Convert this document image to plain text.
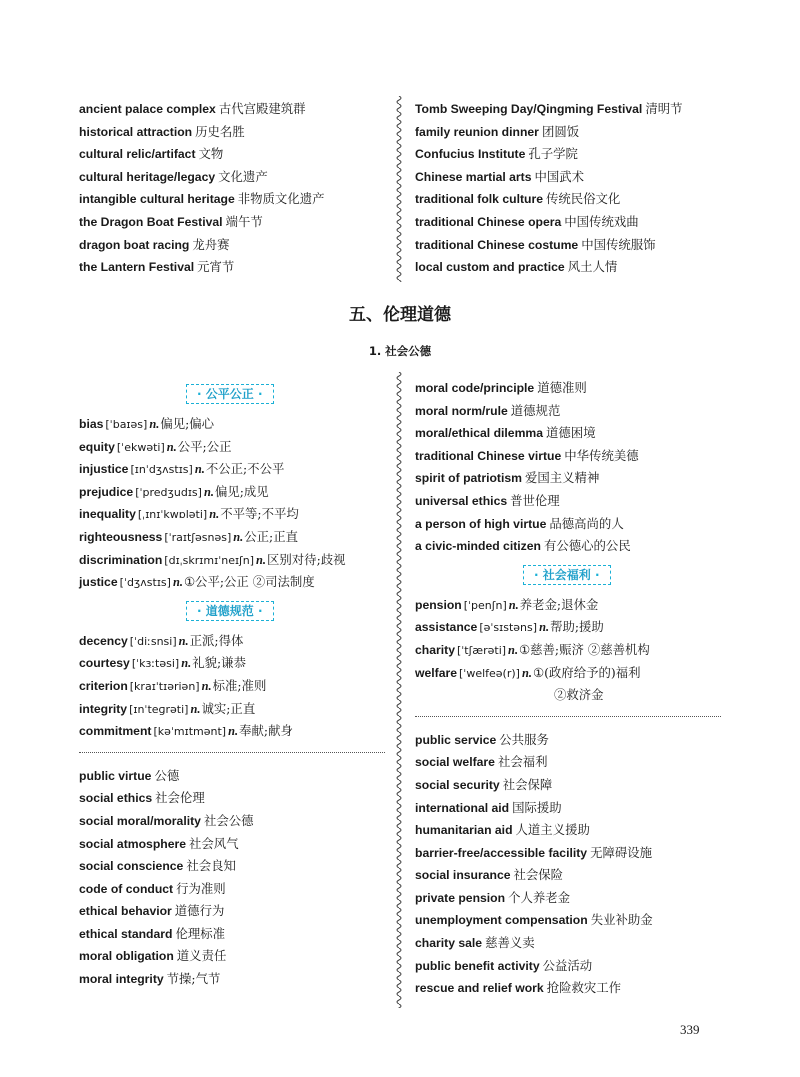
ancient palace complex 古代宫殿建筑群
historical attraction 历史名胜
cultural relic/artifact 文物
cultural heritage/legacy 文化遗产
intangible cultural heritage 非物质文化遗产
the Dragon Boat Festival 端午节
dragon boat racing 龙舟赛
the Lantern Festival 元宵节
Tomb Sweeping Day/Qingming Festival 清明节
family reunion dinner 团圆饭
Confucius Institute 孔子学院
Chinese martial arts 中国武术
traditional folk culture 传统民俗文化
traditional Chinese opera 中国传统戏曲
traditional Chinese costume 中国传统服饰
local custom and practice 风土人情
五、伦理道德
1. 社会公德
· 公平公正 ·
bias [ˈbaɪəs] n.偏见;偏心
equity [ˈekwəti] n.公平;公正
injustice [ɪnˈdʒʌstɪs] n.不公正;不公平
prejudice [ˈpredʒudɪs] n.偏见;成见
inequality [ˌɪnɪˈkwɒləti] n.不平等;不平均
righteousness [ˈraɪtʃəsnəs] n.公正;正直
discrimination [dɪˌskrɪmɪˈneɪʃn] n.区别对待;歧视
justice [ˈdʒʌstɪs] n.①公平;公正 ②司法制度
· 道德规范 ·
decency [ˈdiːsnsi] n.正派;得体
courtesy [ˈkɜːtəsi] n.礼貌;谦恭
criterion [kraɪˈtɪəriən] n.标准;准则
integrity [ɪnˈteɡrəti] n.诚实;正直
commitment [kəˈmɪtmənt] n.奉献;献身
public virtue 公德
social ethics 社会伦理
social moral/morality 社会公德
social atmosphere 社会风气
social conscience 社会良知
code of conduct 行为准则
ethical behavior 道德行为
ethical standard 伦理标准
moral obligation 道义责任
moral integrity 节操;气节
moral code/principle 道德准则
moral norm/rule 道德规范
moral/ethical dilemma 道德困境
traditional Chinese virtue 中华传统美德
spirit of patriotism 爱国主义精神
universal ethics 普世伦理
a person of high virtue 品德高尚的人
a civic-minded citizen 有公德心的公民
· 社会福利 ·
pension [ˈpenʃn] n.养老金;退休金
assistance [əˈsɪstəns] n.帮助;援助
charity [ˈtʃærəti] n.①慈善;赈济 ②慈善机构
welfare [ˈwelfeə(r)] n.①(政府给予的)福利
②救济金
public service 公共服务
social welfare 社会福利
social security 社会保障
international aid 国际援助
humanitarian aid 人道主义援助
barrier-free/accessible facility 无障碍设施
social insurance 社会保险
private pension 个人养老金
unemployment compensation 失业补助金
charity sale 慈善义卖
public benefit activity 公益活动
rescue and relief work 抢险救灾工作
339
